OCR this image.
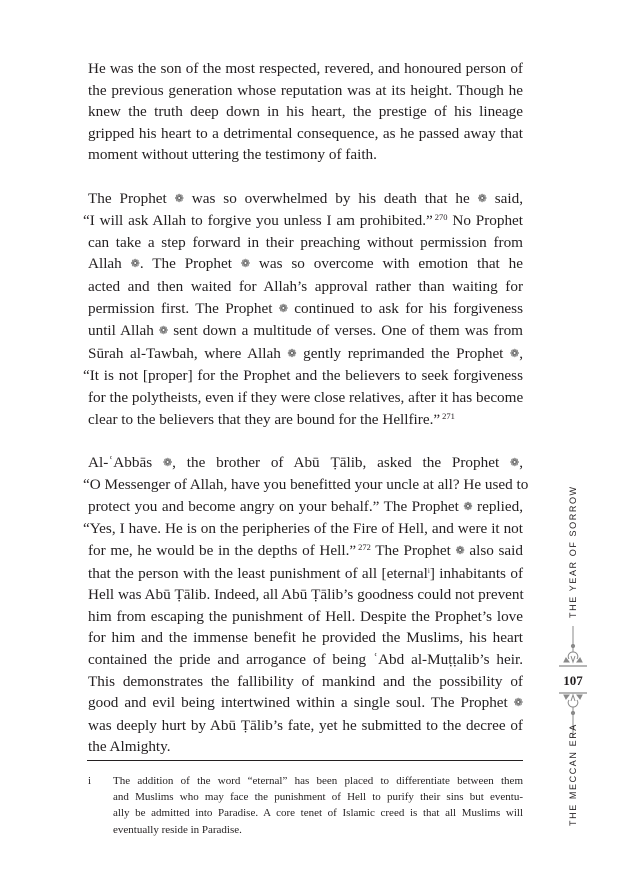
He was the son of the most respected, revered, and honoured person of
the previous generation whose reputation was at its height. Though he
knew the truth deep down in his heart, the prestige of his lineage
gripped his heart to a detrimental consequence, as he passed away that
moment without uttering the testimony of faith.

The Prophet ❁ was so overwhelmed by his death that he ❁ said,
“I will ask Allah to forgive you unless I am prohibited.” $^{270}$ No Prophet
can take a step forward in their preaching without permission from
Allah ❁. The Prophet ❁ was so overcome with emotion that he
acted and then waited for Allah’s approval rather than waiting for
permission first. The Prophet ❁ continued to ask for his forgiveness
until Allah ❁ sent down a multitude of verses. One of them was from
Sūrah al-Tawbah, where Allah ❁ gently reprimanded the Prophet ❁,
“It is not [proper] for the Prophet and the believers to seek forgiveness
for the polytheists, even if they were close relatives, after it has become
clear to the believers that they are bound for the Hellfire.” $^{271}$

Al-ʿAbbās ❁, the brother of Abū Ṭālib, asked the Prophet ❁,
“O Messenger of Allah, have you benefitted your uncle at all? He used to
protect you and become angry on your behalf.” The Prophet ❁ replied,
“Yes, I have. He is on the peripheries of the Fire of Hell, and were it not
for me, he would be in the depths of Hell.” $^{272}$ The Prophet ❁ also said
that the person with the least punishment of all [eternal$^i$] inhabitants of
Hell was Abū Ṭālib. Indeed, all Abū Ṭālib’s goodness could not prevent
him from escaping the punishment of Hell. Despite the Prophet’s love
for him and the immense benefit he provided the Muslims, his heart
contained the pride and arrogance of being ʿAbd al-Muṭṭalib’s heir.
This demonstrates the fallibility of mankind and the possibility of
good and evil being intertwined within a single soul. The Prophet ❁
was deeply hurt by Abū Ṭālib’s fate, yet he submitted to the decree of
the Almighty.

i The addition of the word “eternal” has been placed to differentiate between them
and Muslims who may face the punishment of Hell to purify their sins but eventu-
ally be admitted into Paradise. A core tenet of Islamic creed is that all Muslims will
eventually reside in Paradise.
THE YEAR OF SORROW
107
THE MECCAN ERA
